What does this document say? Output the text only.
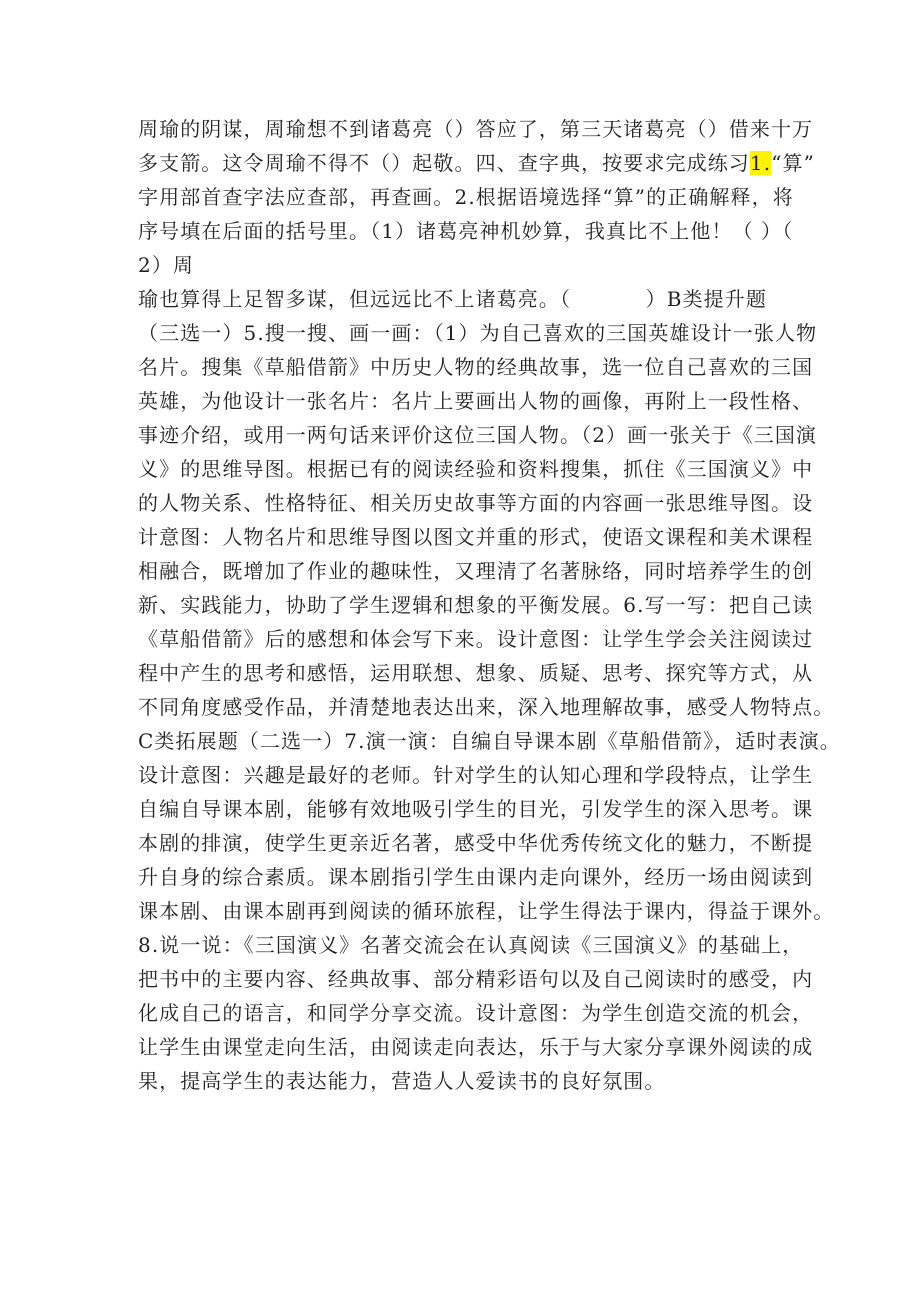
周瑜的阴谋，周瑜想不到诸葛亮（）答应了，第三天诸葛亮（）借来十万
多支箭。这令周瑜不得不（）起敬。四、查字典，按要求完成练习1.“算”
字用部首查字法应查部，再查画。2.根据语境选择“算”的正确解释，将
序号填在后面的括号里。（1）诸葛亮神机妙算，我真比不上他！（ ）（
2）周
瑜也算得上足智多谋，但远远比不上诸葛亮。（          ）B类提升题
（三选一）5.搜一搜、画一画：（1）为自己喜欢的三国英雄设计一张人物
名片。搜集《草船借箭》中历史人物的经典故事，选一位自己喜欢的三国
英雄，为他设计一张名片：名片上要画出人物的画像，再附上一段性格、
事迹介绍，或用一两句话来评价这位三国人物。（2）画一张关于《三国演
义》的思维导图。根据已有的阅读经验和资料搜集，抓住《三国演义》中
的人物关系、性格特征、相关历史故事等方面的内容画一张思维导图。设
计意图：人物名片和思维导图以图文并重的形式，使语文课程和美术课程
相融合，既增加了作业的趣味性，又理清了名著脉络，同时培养学生的创
新、实践能力，协助了学生逻辑和想象的平衡发展。6.写一写：把自己读
《草船借箭》后的感想和体会写下来。设计意图：让学生学会关注阅读过
程中产生的思考和感悟，运用联想、想象、质疑、思考、探究等方式，从
不同角度感受作品，并清楚地表达出来，深入地理解故事，感受人物特点。
C类拓展题（二选一）7.演一演：自编自导课本剧《草船借箭》，适时表演。
设计意图：兴趣是最好的老师。针对学生的认知心理和学段特点，让学生
自编自导课本剧，能够有效地吸引学生的目光，引发学生的深入思考。课
本剧的排演，使学生更亲近名著，感受中华优秀传统文化的魅力，不断提
升自身的综合素质。课本剧指引学生由课内走向课外，经历一场由阅读到
课本剧、由课本剧再到阅读的循环旅程，让学生得法于课内，得益于课外。
8.说一说：《三国演义》名著交流会在认真阅读《三国演义》的基础上，
把书中的主要内容、经典故事、部分精彩语句以及自己阅读时的感受，内
化成自己的语言，和同学分享交流。设计意图：为学生创造交流的机会，
让学生由课堂走向生活，由阅读走向表达，乐于与大家分享课外阅读的成
果，提高学生的表达能力，营造人人爱读书的良好氛围。
